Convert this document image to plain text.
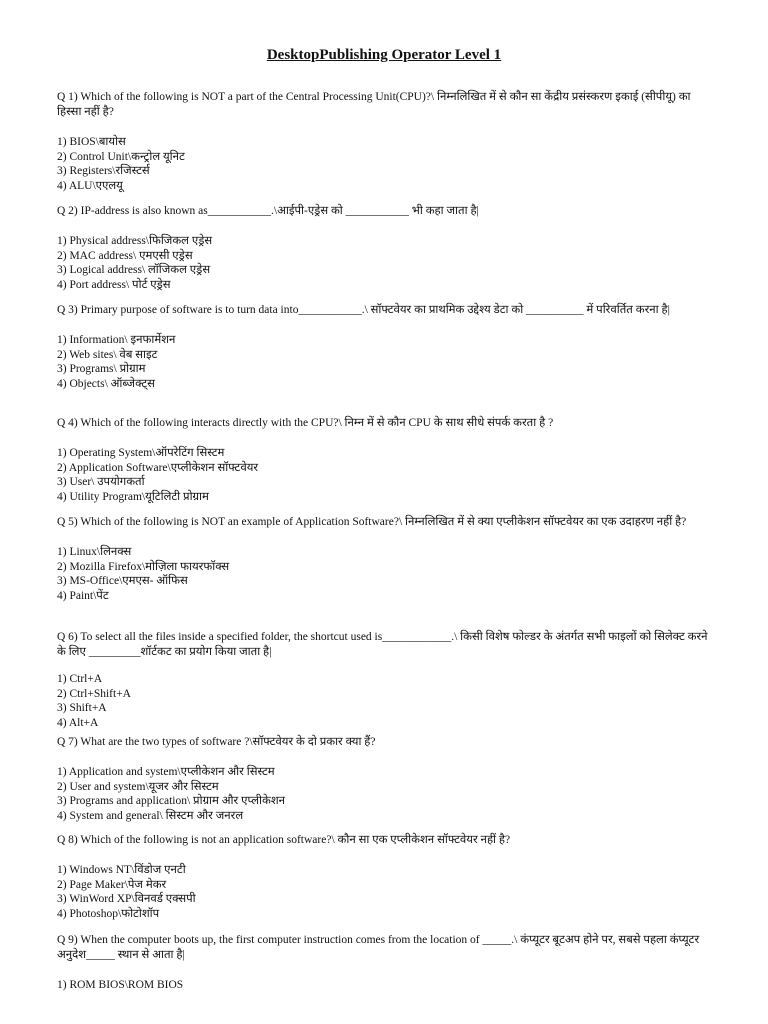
DesktopPublishing Operator Level 1

Q 1) Which of the following is NOT a part of the Central Processing Unit(CPU)?\ निम्नलिखित में से कौन सा केंद्रीय प्रसंस्करण इकाई (सीपीयू) का हिस्सा नहीं है?

1) BIOS\बायोस

2) Control Unit\कन्ट्रोल यूनिट

3) Registers\रजिस्टर्स

4) ALU\एएलयू

Q 2) IP-address is also known as___________.\आईपी-एड्रेस को ___________ भी कहा जाता है|

1) Physical address\फिजिकल एड्रेस

2) MAC address\ एमएसी एड्रेस

3) Logical address\ लॉजिकल एड्रेस

4) Port address\ पोर्ट एड्रेस

Q 3) Primary purpose of software is to turn data into___________.\ सॉफ्टवेयर का प्राथमिक उद्देश्य डेटा को __________ में परिवर्तित करना है|

1) Information\ इनफार्मेशन

2) Web sites\ वेब साइट

3) Programs\ प्रोग्राम

4) Objects\ ऑब्जेक्ट्स

Q 4) Which of the following interacts directly with the CPU?\ निम्न में से कौन CPU के साथ सीधे संपर्क करता है ?

1) Operating System\ऑपरेटिंग सिस्टम

2) Application Software\एप्लीकेशन सॉफ्टवेयर

3) User\ उपयोगकर्ता

4) Utility Program\यूटिलिटी प्रोग्राम

Q 5) Which of the following is NOT an example of Application Software?\ निम्नलिखित में से क्या एप्लीकेशन सॉफ्टवेयर का एक उदाहरण नहीं है?

1) Linux\लिनक्स

2) Mozilla Firefox\मोज़िला फायरफॉक्स

3) MS-Office\एमएस- ऑफिस

4) Paint\पेंट

Q 6) To select all the files inside a specified folder, the shortcut used is____________.\ किसी विशेष फोल्डर के अंतर्गत सभी फाइलों को सिलेक्ट करने के लिए _________शॉर्टकट का प्रयोग किया जाता है|

1) Ctrl+A

2) Ctrl+Shift+A

3) Shift+A

4) Alt+A

Q 7) What are the two types of software ?\सॉफ्टवेयर के दो प्रकार क्या हैं?

1) Application and system\एप्लीकेशन और सिस्टम

2) User and system\यूजर और सिस्टम

3) Programs and application\ प्रोग्राम और एप्लीकेशन

4) System and general\ सिस्टम और जनरल

Q 8) Which of the following is not an application software?\ कौन सा एक एप्लीकेशन सॉफ्टवेयर नहीं है?

1) Windows NT\विंडोज एनटी

2) Page Maker\पेज मेकर

3) WinWord XP\विनवर्ड एक्सपी

4) Photoshop\फोटोशॉप

Q 9) When the computer boots up, the first computer instruction comes from the location of _____.\ कंप्यूटर बूटअप होने पर, सबसे पहला कंप्यूटर अनुदेश_____ स्थान से आता है|

1) ROM BIOS\ROM BIOS
